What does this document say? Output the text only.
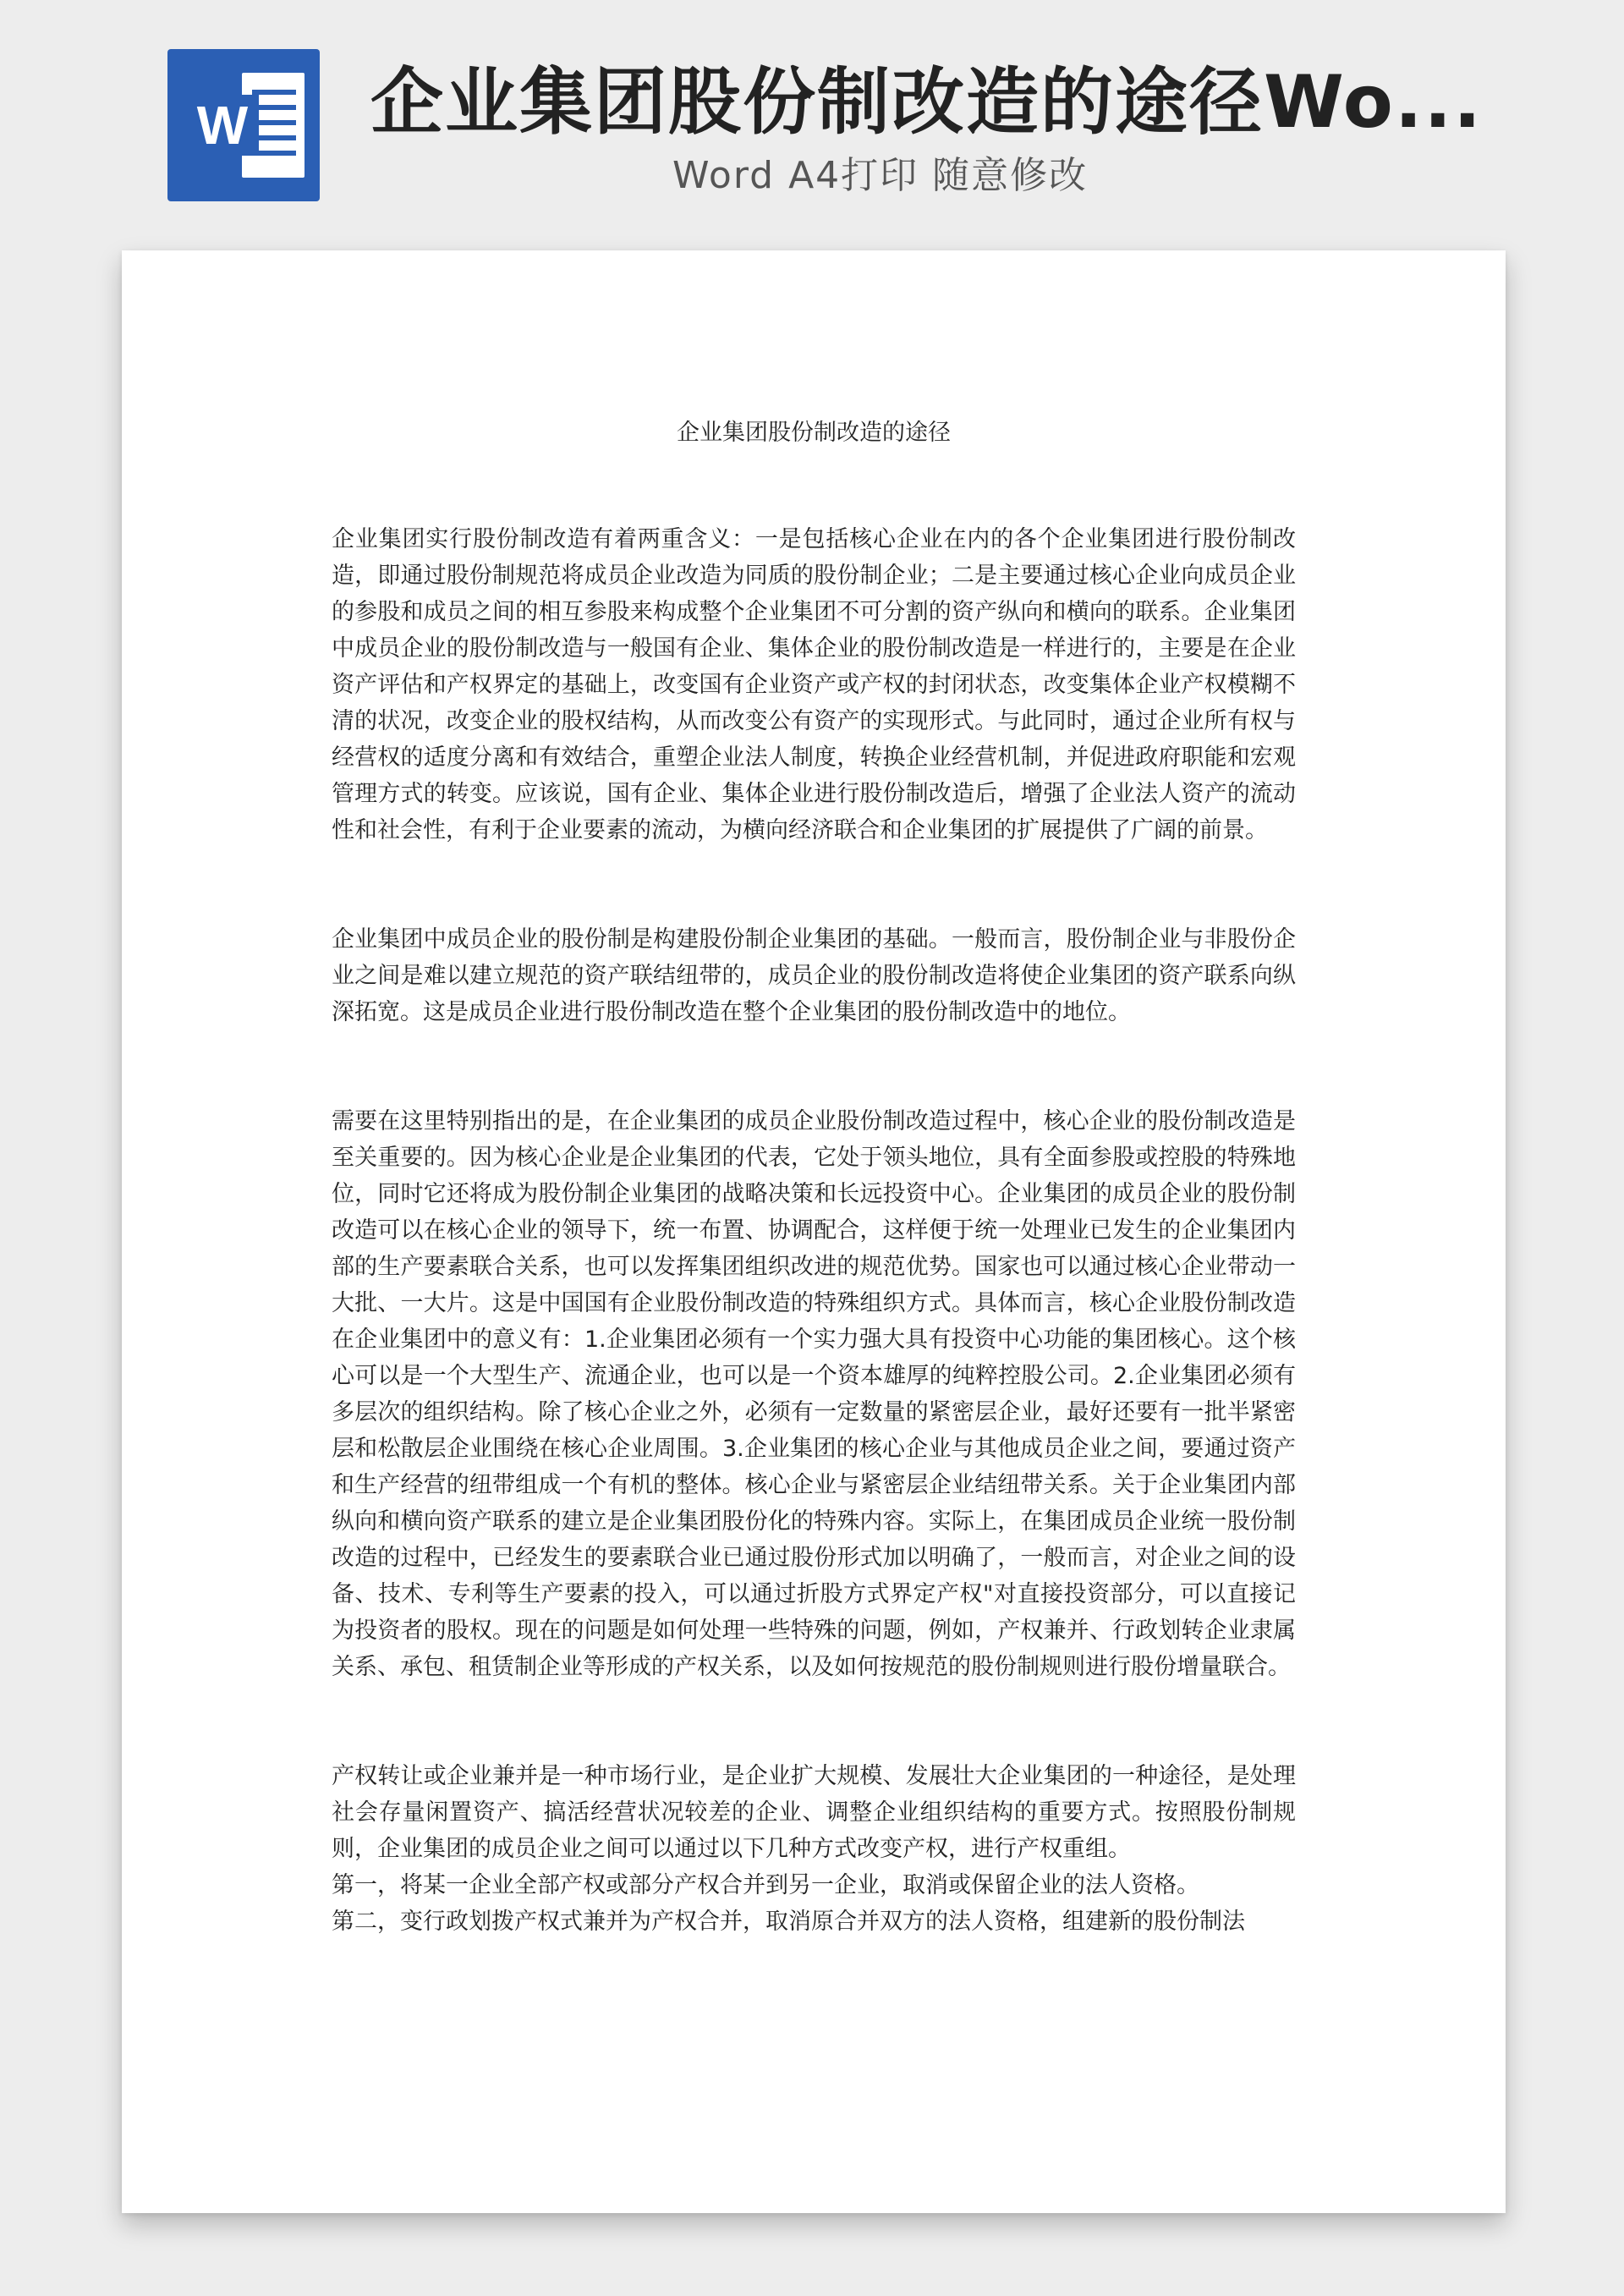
W 企业集团股份制改造的途径Wo...
Word A4打印 随意修改
企业集团股份制改造的途径

企业集团实行股份制改造有着两重含义：一是包括核心企业在内的各个企业集团进行股份制改造，即通过股份制规范将成员企业改造为同质的股份制企业；二是主要通过核心企业向成员企业的参股和成员之间的相互参股来构成整个企业集团不可分割的资产纵向和横向的联系。企业集团中成员企业的股份制改造与一般国有企业、集体企业的股份制改造是一样进行的，主要是在企业资产评估和产权界定的基础上，改变国有企业资产或产权的封闭状态，改变集体企业产权模糊不清的状况，改变企业的股权结构，从而改变公有资产的实现形式。与此同时，通过企业所有权与经营权的适度分离和有效结合，重塑企业法人制度，转换企业经营机制，并促进政府职能和宏观管理方式的转变。应该说，国有企业、集体企业进行股份制改造后，增强了企业法人资产的流动性和社会性，有利于企业要素的流动，为横向经济联合和企业集团的扩展提供了广阔的前景。

企业集团中成员企业的股份制是构建股份制企业集团的基础。一般而言，股份制企业与非股份企业之间是难以建立规范的资产联结纽带的，成员企业的股份制改造将使企业集团的资产联系向纵深拓宽。这是成员企业进行股份制改造在整个企业集团的股份制改造中的地位。

需要在这里特别指出的是，在企业集团的成员企业股份制改造过程中，核心企业的股份制改造是至关重要的。因为核心企业是企业集团的代表，它处于领头地位，具有全面参股或控股的特殊地位，同时它还将成为股份制企业集团的战略决策和长远投资中心。企业集团的成员企业的股份制改造可以在核心企业的领导下，统一布置、协调配合，这样便于统一处理业已发生的企业集团内部的生产要素联合关系，也可以发挥集团组织改进的规范优势。国家也可以通过核心企业带动一大批、一大片。这是中国国有企业股份制改造的特殊组织方式。具体而言，核心企业股份制改造在企业集团中的意义有：1.企业集团必须有一个实力强大具有投资中心功能的集团核心。这个核心可以是一个大型生产、流通企业，也可以是一个资本雄厚的纯粹控股公司。2.企业集团必须有多层次的组织结构。除了核心企业之外，必须有一定数量的紧密层企业，最好还要有一批半紧密层和松散层企业围绕在核心企业周围。3.企业集团的核心企业与其他成员企业之间，要通过资产和生产经营的纽带组成一个有机的整体。核心企业与紧密层企业结纽带关系。关于企业集团内部纵向和横向资产联系的建立是企业集团股份化的特殊内容。实际上，在集团成员企业统一股份制改造的过程中，已经发生的要素联合业已通过股份形式加以明确了，一般而言，对企业之间的设备、技术、专利等生产要素的投入，可以通过折股方式界定产权"对直接投资部分，可以直接记为投资者的股权。现在的问题是如何处理一些特殊的问题，例如，产权兼并、行政划转企业隶属关系、承包、租赁制企业等形成的产权关系，以及如何按规范的股份制规则进行股份增量联合。

产权转让或企业兼并是一种市场行业，是企业扩大规模、发展壮大企业集团的一种途径，是处理社会存量闲置资产、搞活经营状况较差的企业、调整企业组织结构的重要方式。按照股份制规则，企业集团的成员企业之间可以通过以下几种方式改变产权，进行产权重组。

第一，将某一企业全部产权或部分产权合并到另一企业，取消或保留企业的法人资格。

第二，变行政划拨产权式兼并为产权合并，取消原合并双方的法人资格，组建新的股份制法
